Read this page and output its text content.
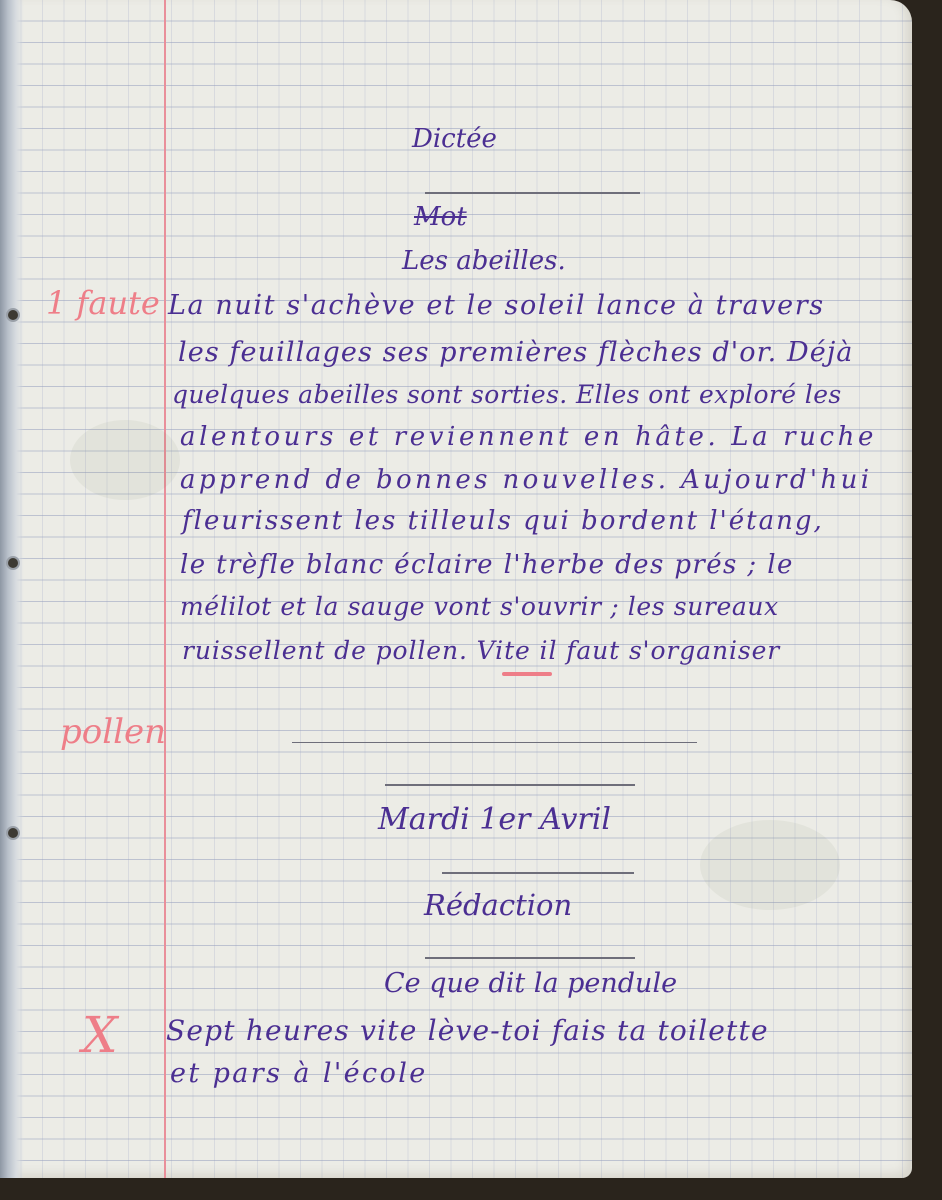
Dictée
Mot
Les abeilles.
La nuit s'achève et le soleil lance à travers
les feuillages ses premières flèches d'or. Déjà
quelques abeilles sont sorties. Elles ont exploré les
alentours et reviennent en hâte. La ruche
apprend de bonnes nouvelles. Aujourd'hui
fleurissent les tilleuls qui bordent l'étang,
le trèfle blanc éclaire l'herbe des prés ; le
mélilot et la sauge vont s'ouvrir ; les sureaux
ruissellent de pollen. Vite il faut s'organiser
Mardi 1er Avril
Rédaction
Ce que dit la pendule
Sept heures vite lève-toi fais ta toilette
et pars à l'école
1 faute
pollen
X
